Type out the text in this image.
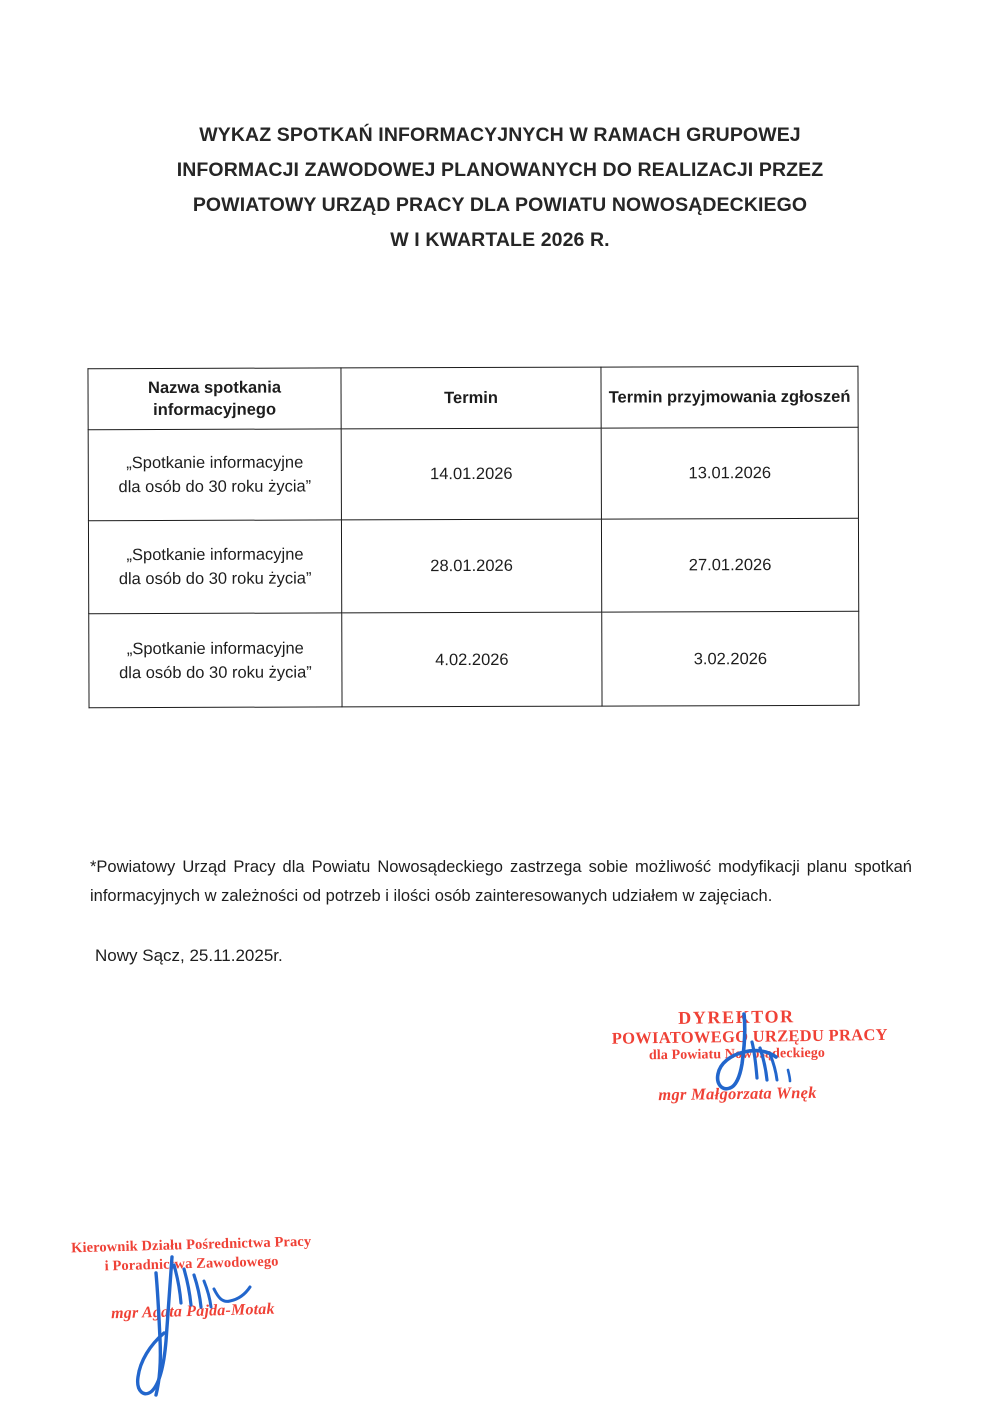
WYKAZ SPOTKAŃ INFORMACYJNYCH W RAMACH GRUPOWEJ
INFORMACJI ZAWODOWEJ PLANOWANYCH DO REALIZACJI PRZEZ
POWIATOWY URZĄD PRACY DLA POWIATU NOWOSĄDECKIEGO
W I KWARTALE 2026 R.
Nazwa spotkania informacyjnego	Termin	Termin przyjmowania zgłoszeń

„Spotkanie informacyjne
dla osób do 30 roku życia”	14.01.2026	13.01.2026

„Spotkanie informacyjne
dla osób do 30 roku życia”	28.01.2026	27.01.2026

„Spotkanie informacyjne
dla osób do 30 roku życia”	4.02.2026	3.02.2026

*Powiatowy Urząd Pracy dla Powiatu Nowosądeckiego zastrzega sobie możliwość modyfikacji planu spotkań informacyjnych w zależności od potrzeb i ilości osób zainteresowanych udziałem w zajęciach.

Nowy Sącz, 25.11.2025r.
DYREKTOR
POWIATOWEGO URZĘDU PRACY
dla Powiatu Nowosądeckiego
mgr Małgorzata Wnęk
Kierownik Działu Pośrednictwa Pracy
i Poradnictwa Zawodowego
mgr Agata Pajda-Motak
